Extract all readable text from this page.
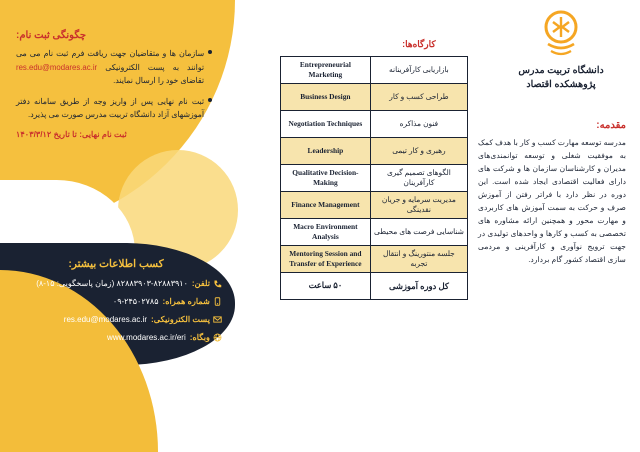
دانشگاه تربیت مدرس
پژوهشکده اقتصاد
مقدمه:
مدرسه توسعه مهارت کسب و کار با هدف کمک به موفقیت شغلی و توسعه توانمندی‌های مدیران و کارشناسان سازمان ها و شرکت های دارای فعالیت اقتصادی ایجاد شده است. این دوره در نظر دارد با فراتر رفتن از آموزش صرف و حرکت به سمت آموزش های کاربردی و مهارت محور و همچنین ارائه مشاوره های تخصصی به کسب و کارها و واحدهای تولیدی در جهت ترویج نوآوری و کارآفرینی و مردمی سازی اقتصاد کشور گام بردارد.
کارگاه‌ها:	
بازاریابی کارآفرینانه	Entrepreneurial Marketing
طراحی کسب و کار	Business Design
فنون مذاکره	Negotiation Techniques
رهبری و کار تیمی	Leadership
الگوهای تصمیم گیری کارآفرینان	Qualitative Decision-Making
مدیریت سرمایه و جریان نقدینگی	Finance Management
شناسایی فرصت های محیطی	Macro Environment Analysis
جلسه منتورینگ و انتقال تجربه	Mentoring Session and Transfer of Experience
کل دوره آموزشی	۵۰ ساعت
چگونگی ثبت نام:
سازمان ها و متقاضیان جهت ریافت فرم ثبت نام می می توانند به پست الکترونیکی res.edu@modares.ac.ir تقاضای خود را ارسال نمایند.
ثبت نام نهایی پس از واریز وجه از طریق سامانه دفتر آموزشهای آزاد دانشگاه تربیت مدرس صورت می پذیرد.
ثبت نام نهایی: تا تاریخ ۱۴۰۳/۳/۱۲
کسب اطلاعات بیشتر:
تلفن:
۸۲۸۸۳۹۰۳-۸۲۸۸۳۹۱۰ (زمان پاسخگویی: ۱۵-۸)
شماره همراه:
۰۹-۲۴۵۰۲۷۸۵
پست الکترونیکی:
res.edu@modares.ac.ir
وبگاه:
www.modares.ac.ir/eri
